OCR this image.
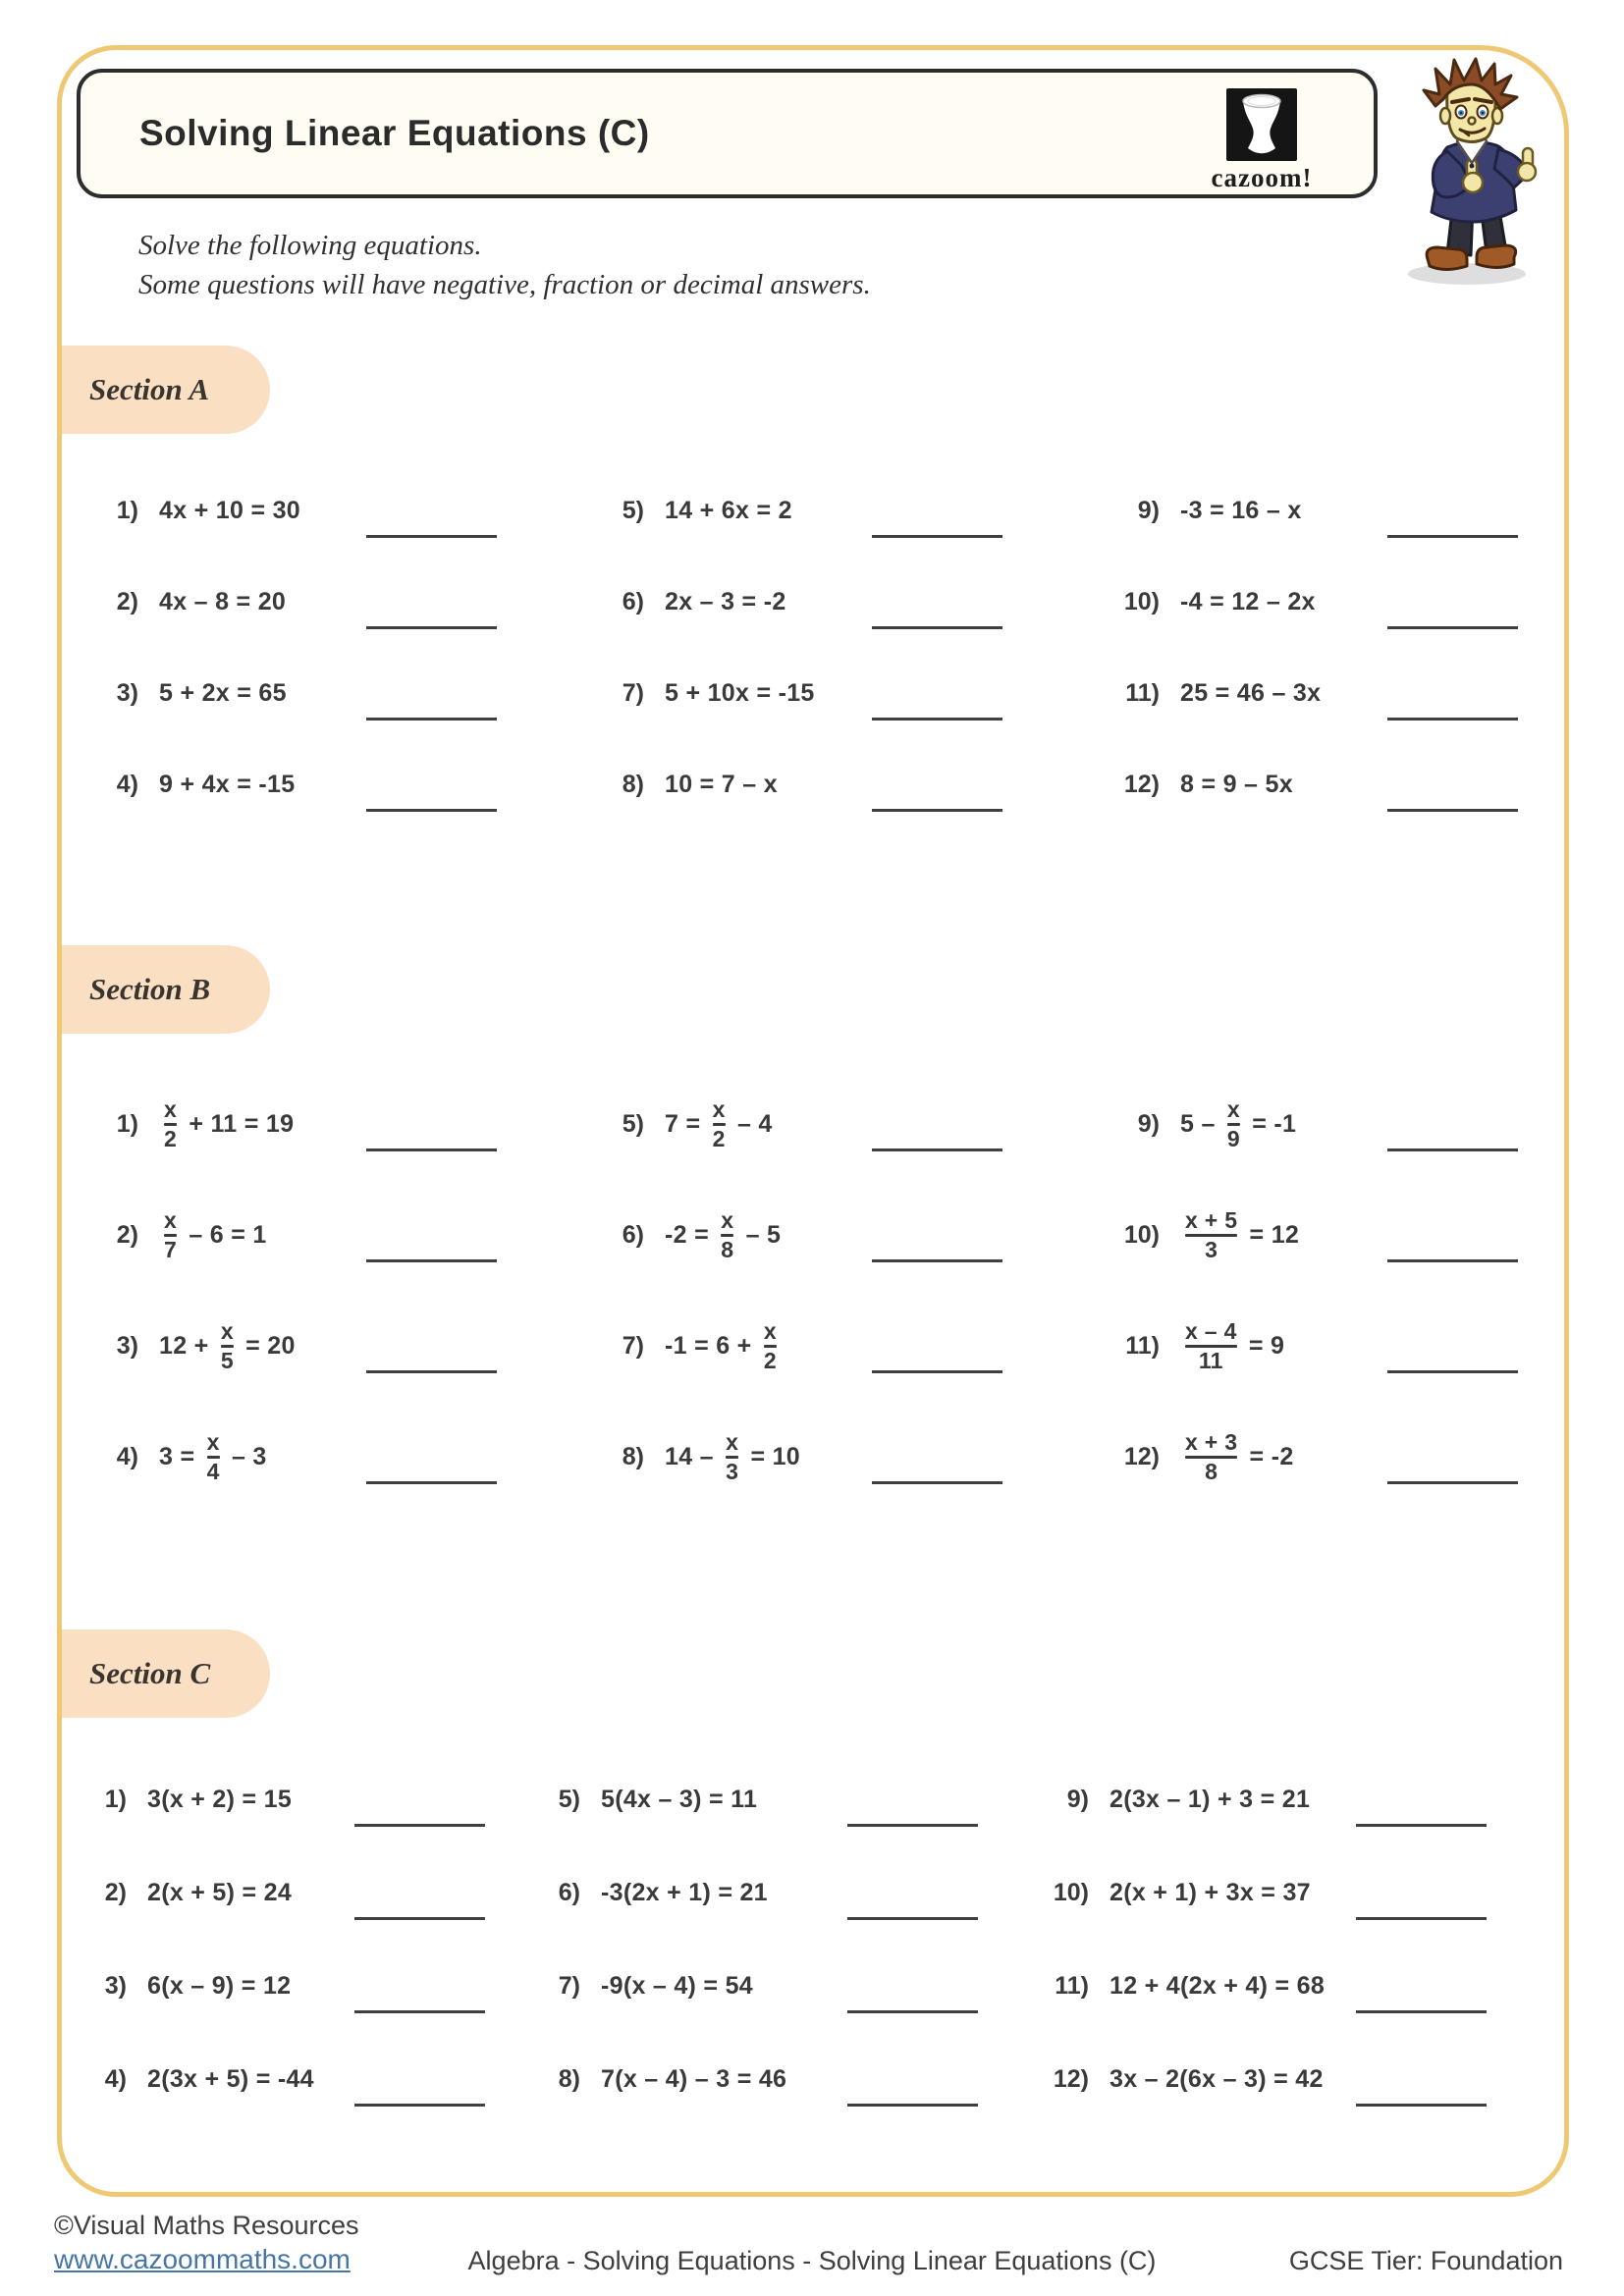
Solving Linear Equations (C)
cazoom!

Solve the following equations.

Some questions will have negative, fraction or decimal answers.

Section A
1) 4x + 10 = 30
2) 4x – 8 = 20
3) 5 + 2x = 65
4) 9 + 4x = -15
5) 14 + 6x = 2
6) 2x – 3 = -2
7) 5 + 10x = -15
8) 10 = 7 – x
9) -3 = 16 – x
10) -4 = 12 – 2x
11) 25 = 46 – 3x
12) 8 = 9 – 5x
Section B
$1) \frac{x}{2} + 11 = 19$
$2) \frac{x}{7} - 6 = 1$
3) $12 + \frac{x}{5} = 20$
4) $3 = \frac{x}{4} - 3$
5) $7 = \frac{x}{2} - 4$
6) $-2 = \frac{x}{8} - 5$
7) $-1 = 6 + \frac{x}{2}$
8) $14 - \frac{x}{3} = 10$
9) $5 - \frac{x}{9} = -1$
$10) \frac{x + 5}{3} = 12$
$11) \frac{x - 4}{11} = 9$
$12) \frac{x + 3}{8} = -2$
Section C
1) 3(x + 2) = 15
2) 2(x + 5) = 24
3) 6(x – 9) = 12
4) 2(3x + 5) = -44
5) 5(4x – 3) = 11
6) -3(2x + 1) = 21
7) -9(x – 4) = 54
8) 7(x – 4) – 3 = 46
9) 2(3x – 1) + 3 = 21
10) 2(x + 1) + 3x = 37
11) 12 + 4(2x + 4) = 68
12) 3x – 2(6x – 3) = 42
©Visual Maths Resources
www.cazoommaths.com	Algebra - Solving Equations - Solving Linear Equations (C)	GCSE Tier: Foundation
